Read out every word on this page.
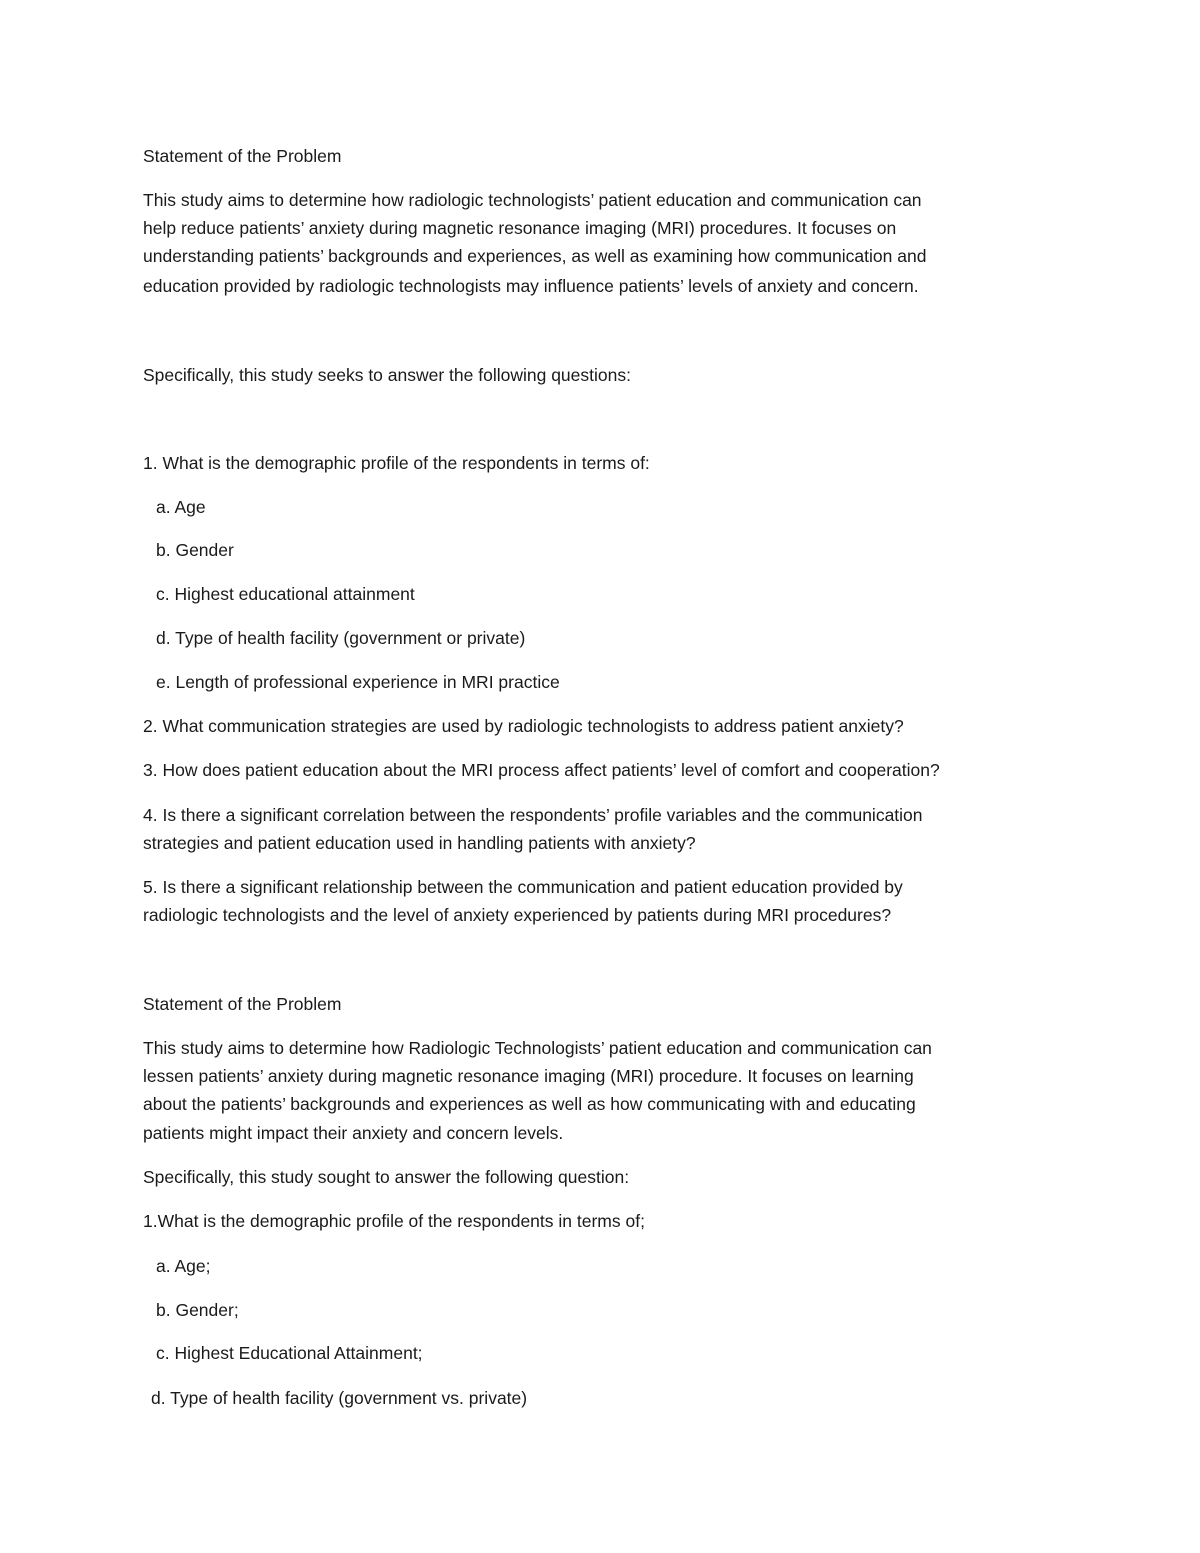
Statement of the Problem
This study aims to determine how radiologic technologists’ patient education and communication can
help reduce patients’ anxiety during magnetic resonance imaging (MRI) procedures. It focuses on
understanding patients’ backgrounds and experiences, as well as examining how communication and
education provided by radiologic technologists may influence patients’ levels of anxiety and concern.
Specifically, this study seeks to answer the following questions:
1. What is the demographic profile of the respondents in terms of:
a. Age
b. Gender
c. Highest educational attainment
d. Type of health facility (government or private)
e. Length of professional experience in MRI practice
2. What communication strategies are used by radiologic technologists to address patient anxiety?
3. How does patient education about the MRI process affect patients’ level of comfort and cooperation?
4. Is there a significant correlation between the respondents’ profile variables and the communication
strategies and patient education used in handling patients with anxiety?
5. Is there a significant relationship between the communication and patient education provided by
radiologic technologists and the level of anxiety experienced by patients during MRI procedures?
Statement of the Problem
This study aims to determine how Radiologic Technologists’ patient education and communication can
lessen patients’ anxiety during magnetic resonance imaging (MRI) procedure. It focuses on learning
about the patients’ backgrounds and experiences as well as how communicating with and educating
patients might impact their anxiety and concern levels.
Specifically, this study sought to answer the following question:
1.What is the demographic profile of the respondents in terms of;
a. Age;
b. Gender;
c. Highest Educational Attainment;
d. Type of health facility (government vs. private)
